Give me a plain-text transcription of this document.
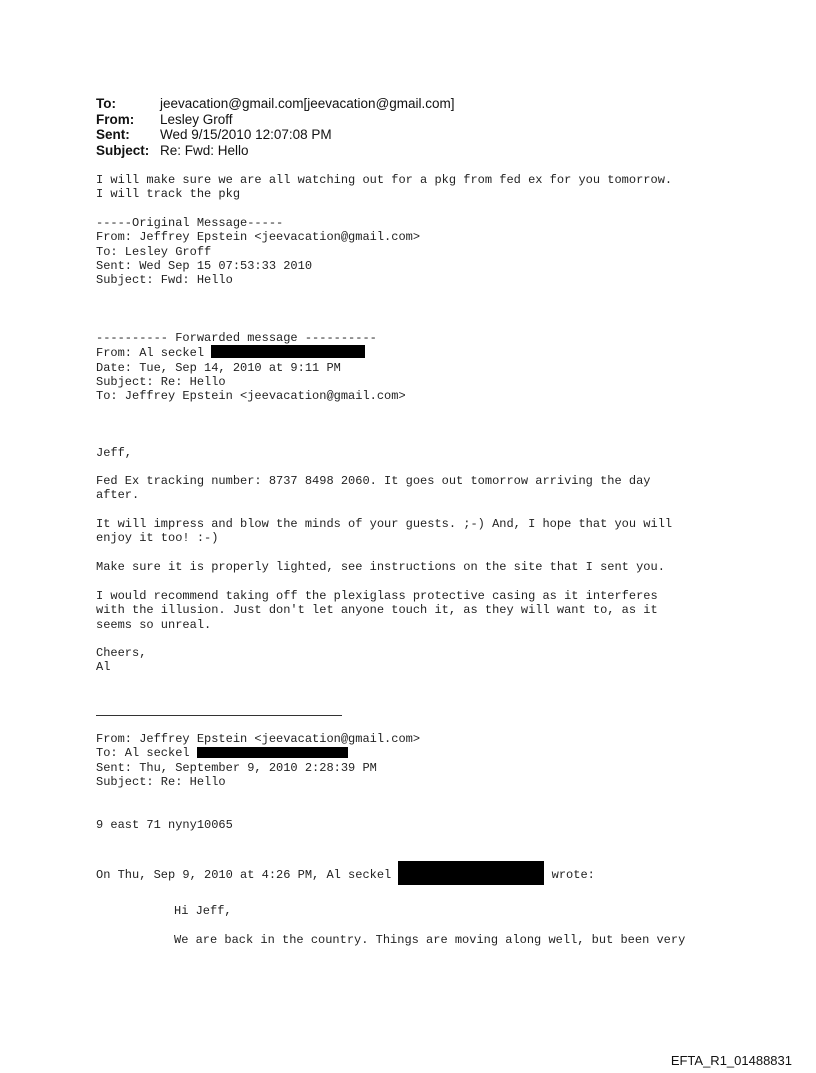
To:	jeevacation@gmail.com[jeevacation@gmail.com]
From:	Lesley Groff
Sent:	Wed 9/15/2010 12:07:08 PM
Subject: Re: Fwd: Hello
I will make sure we are all watching out for a pkg from fed ex for you tomorrow.
I will track the pkg
-----Original Message-----
From: Jeffrey Epstein <jeevacation@gmail.com>
To: Lesley Groff
Sent: Wed Sep 15 07:53:33 2010
Subject: Fwd: Hello
---------- Forwarded message ----------
From: Al seckel
Date: Tue, Sep 14, 2010 at 9:11 PM
Subject: Re: Hello
To: Jeffrey Epstein <jeevacation@gmail.com>
Jeff,
Fed Ex tracking number: 8737 8498 2060. It goes out tomorrow arriving the day
after.
It will impress and blow the minds of your guests. ;-) And, I hope that you will
enjoy it too! :-)
Make sure it is properly lighted, see instructions on the site that I sent you.
I would recommend taking off the plexiglass protective casing as it interferes
with the illusion. Just don't let anyone touch it, as they will want to, as it
seems so unreal.
Cheers,
Al
From: Jeffrey Epstein <jeevacation@gmail.com>
To: Al seckel
Sent: Thu, September 9, 2010 2:28:39 PM
Subject: Re: Hello
9 east 71 nyny10065
On Thu, Sep 9, 2010 at 4:26 PM, Al seckel	wrote:
Hi Jeff,
We are back in the country. Things are moving along well, but been very
EFTA_R1_01488831
